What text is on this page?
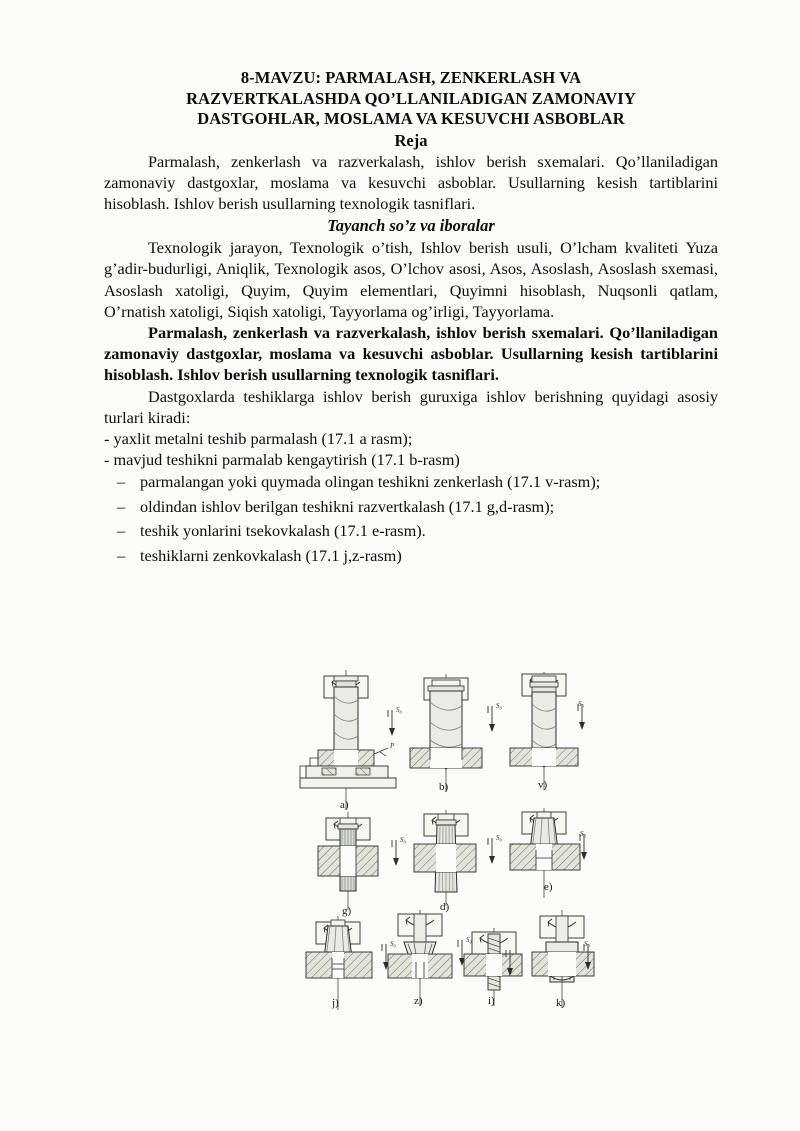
8-MAVZU: PARMALASH, ZENKERLASH VA
RAZVERTKALASHDA QO’LLANILADIGAN ZAMONAVIY
DASTGOHLAR, MOSLAMA VA KESUVCHI ASBOBLAR
Reja

Parmalash, zenkerlash va razverkalash, ishlov berish sxemalari. Qo’llaniladigan zamonaviy dastgoxlar, moslama va kesuvchi asboblar. Usullarning kesish tartiblarini hisoblash. Ishlov berish usullarning texnologik tasniflari.

Tayanch so’z va iboralar

Texnologik jarayon, Texnologik o’tish, Ishlov berish usuli, O’lcham kvaliteti Yuza g’adir-budurligi, Aniqlik, Texnologik asos, O’lchov asosi, Asos, Asoslash, Asoslash sxemasi, Asoslash xatoligi, Quyim, Quyim elementlari, Quyimni hisoblash, Nuqsonli qatlam, O’rnatish xatoligi, Siqish xatoligi, Tayyorlama og’irligi, Tayyorlama.

Parmalash, zenkerlash va razverkalash, ishlov berish sxemalari. Qo’llaniladigan zamonaviy dastgoxlar, moslama va kesuvchi asboblar. Usullarning kesish tartiblarini hisoblash. Ishlov berish usullarning texnologik tasniflari.

Dastgoxlarda teshiklarga ishlov berish guruxiga ishlov berishning quyidagi asosiy turlari kiradi:

- yaxlit metalni teshib parmalash (17.1 a rasm);
- mavjud teshikni parmalab kengaytirish (17.1 b-rasm)
– parmalangan yoki quymada olingan teshikni zenkerlash (17.1 v-rasm);
– oldindan ishlov berilgan teshikni razvertkalash (17.1 g,d-rasm);
– teshik yonlarini tsekovkalash (17.1 e-rasm).
– teshiklarni zenkovkalash (17.1 j,z-rasm)
P
S₀
a)
S₀
b)
S₀
v)
S₀
g)
S₀
d)
S₀
e)
S₀
j)
S₀
z)	i)
S₀
k)
